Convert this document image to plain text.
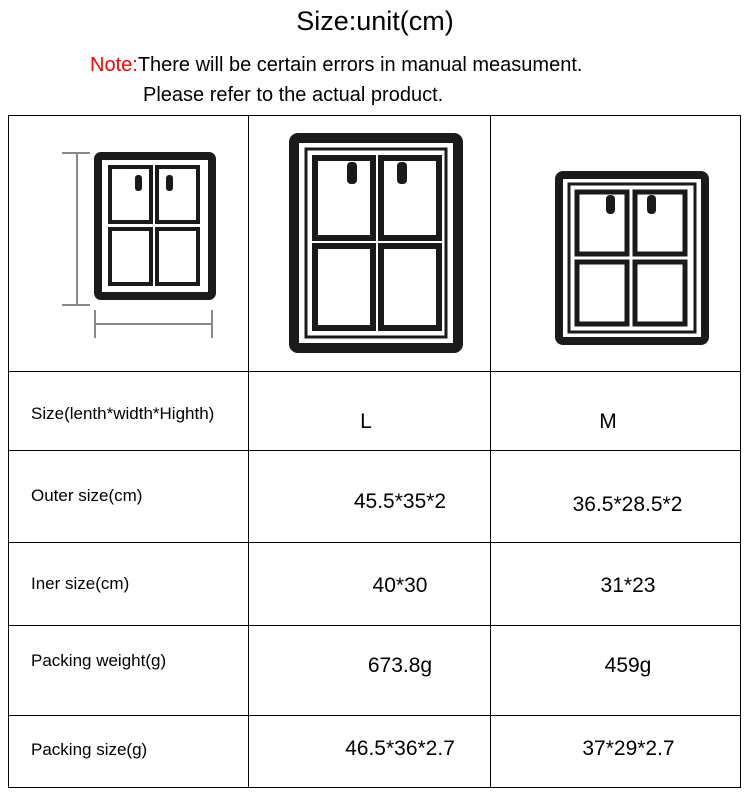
Size:unit(cm)
Note:There will be certain errors in manual measument.
Please refer to the actual product.
Size(lenth*width*Highth)	L	M
Outer size(cm)	45.5*35*2	36.5*28.5*2
Iner size(cm)	40*30	31*23
Packing weight(g)	673.8g	459g
Packing size(g)	46.5*36*2.7	37*29*2.7
